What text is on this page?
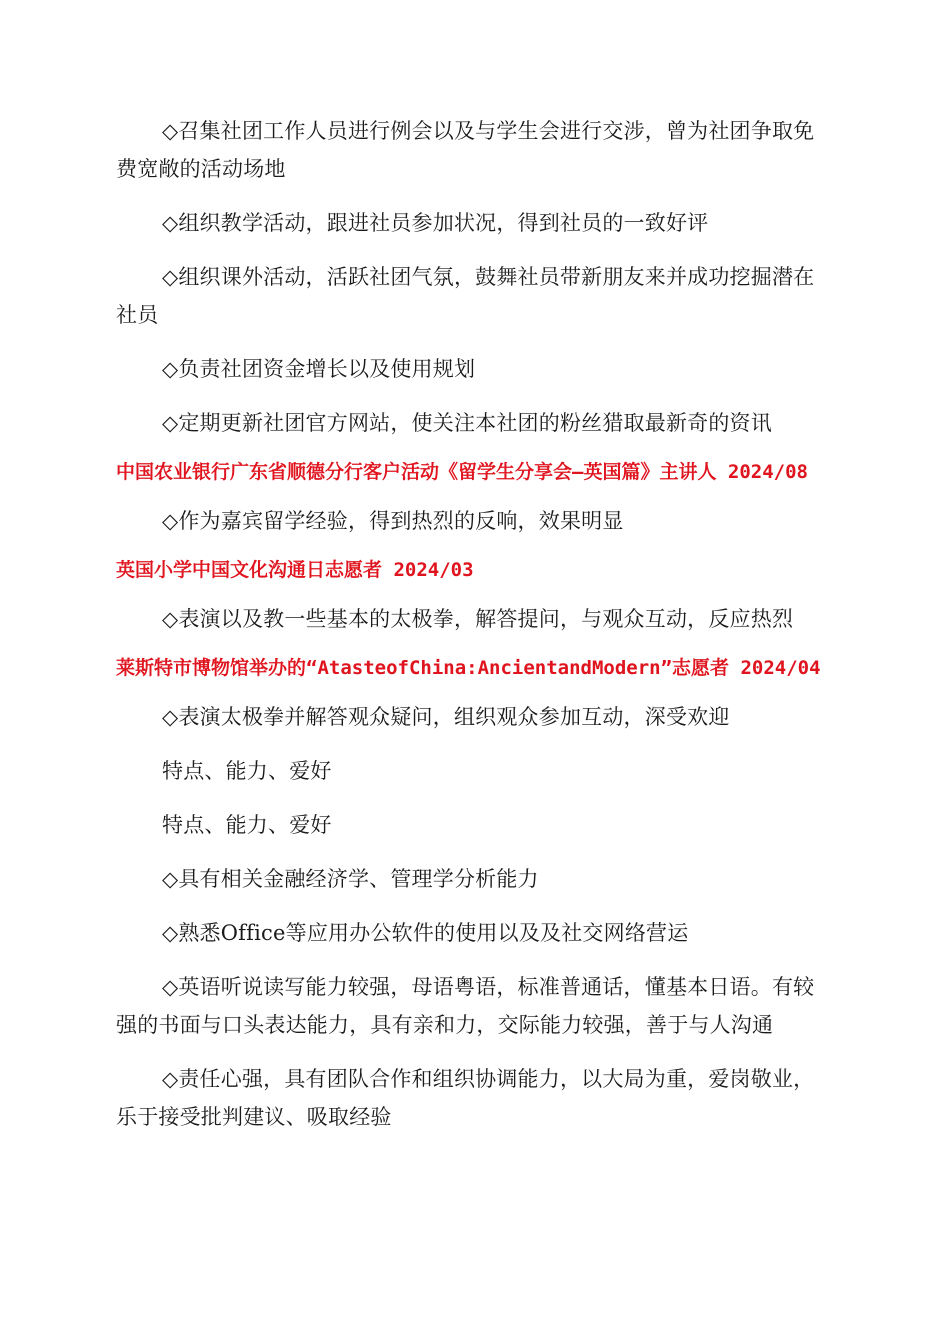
◇召集社团工作人员进行例会以及与学生会进行交涉，曾为社团争取免费宽敞的活动场地

◇组织教学活动，跟进社员参加状况，得到社员的一致好评

◇组织课外活动，活跃社团气氛，鼓舞社员带新朋友来并成功挖掘潜在社员

◇负责社团资金增长以及使用规划

◇定期更新社团官方网站，使关注本社团的粉丝猎取最新奇的资讯

中国农业银行广东省顺德分行客户活动《留学生分享会—英国篇》主讲人 2024/08

◇作为嘉宾留学经验，得到热烈的反响，效果明显

英国小学中国文化沟通日志愿者 2024/03

◇表演以及教一些基本的太极拳，解答提问，与观众互动，反应热烈

莱斯特市博物馆举办的“AtasteofChina:AncientandModern”志愿者 2024/04

◇表演太极拳并解答观众疑问，组织观众参加互动，深受欢迎

特点、能力、爱好

特点、能力、爱好

◇具有相关金融经济学、管理学分析能力

◇熟悉Office等应用办公软件的使用以及及社交网络营运

◇英语听说读写能力较强，母语粤语，标准普通话，懂基本日语。有较强的书面与口头表达能力，具有亲和力，交际能力较强，善于与人沟通

◇责任心强，具有团队合作和组织协调能力，以大局为重，爱岗敬业，乐于接受批判建议、吸取经验
